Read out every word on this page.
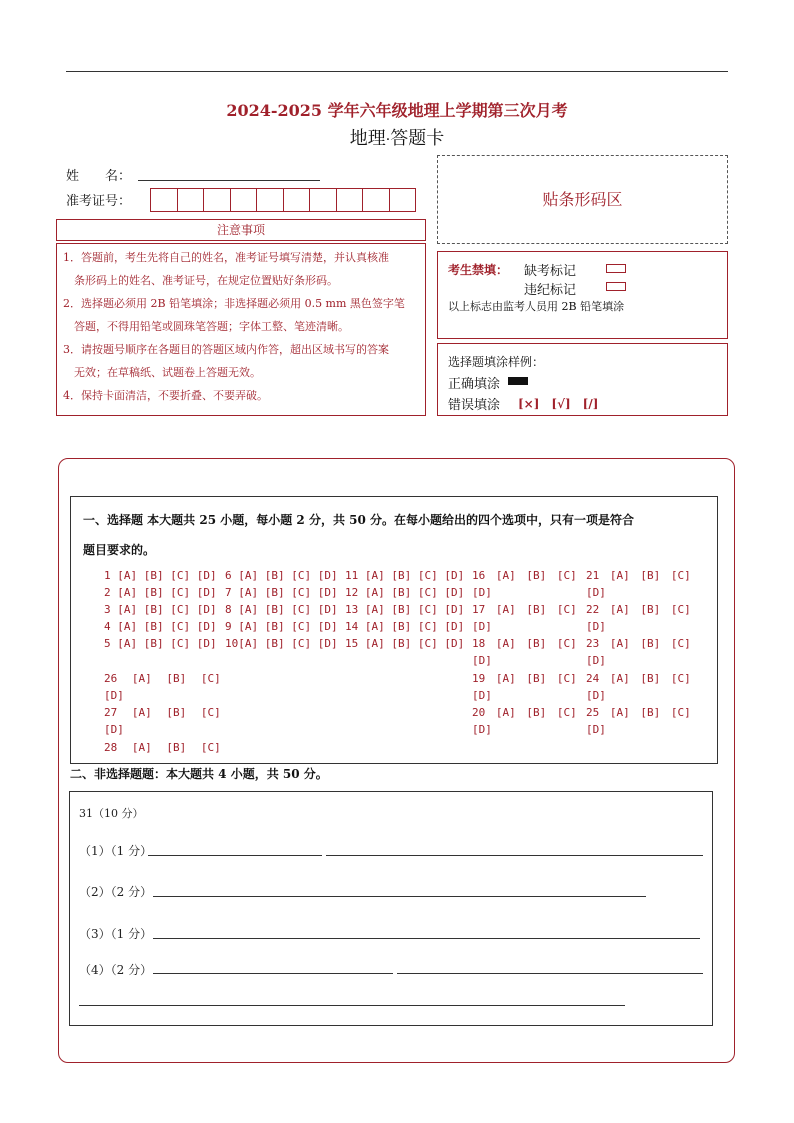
2024-2025 学年六年级地理上学期第三次月考
地理·答题卡
姓　　名：
准考证号：
注意事项
1．答题前，考生先将自己的姓名，准考证号填写清楚，并认真核准
　条形码上的姓名、准考证号，在规定位置贴好条形码。
2．选择题必须用 2B 铅笔填涂；非选择题必须用 0.5 mm 黑色签字笔
　答题，不得用铅笔或圆珠笔答题；字体工整、笔迹清晰。
3．请按题号顺序在各题目的答题区域内作答，超出区域书写的答案
　无效；在草稿纸、试题卷上答题无效。
4．保持卡面清洁，不要折叠、不要弄破。
贴条形码区
考生禁填： 缺考标记
违纪标记
以上标志由监考人员用 2B 铅笔填涂
选择题填涂样例：
正确填涂
错误填涂 [×]　[√]　[/]
一、选择题 本大题共 25 小题，每小题 2 分，共 50 分。在每小题给出的四个选项中，只有一项是符合
题目要求的。
1 [A] [B] [C] [D]
2 [A] [B] [C] [D]
3 [A] [B] [C] [D]
4 [A] [B] [C] [D]
5 [A] [B] [C] [D]
6 [A] [B] [C] [D]
7 [A] [B] [C] [D]
8 [A] [B] [C] [D]
9 [A] [B] [C] [D]
10[A] [B] [C] [D]
11 [A] [B] [C] [D]
12 [A] [B] [C] [D]
13 [A] [B] [C] [D]
14 [A] [B] [C] [D]
15 [A] [B] [C] [D]
16 [A] [B] [C]
[D]
17 [A] [B] [C]
[D]
18 [A] [B] [C]
[D]
19 [A] [B] [C]
[D]
20 [A] [B] [C]
[D]
21 [A] [B] [C]
[D]
22 [A] [B] [C]
[D]
23 [A] [B] [C]
[D]
24 [A] [B] [C]
[D]
25 [A] [B] [C]
[D]
26 [A] [B] [C]
[D]
27 [A] [B] [C]
[D]
28 [A] [B] [C]
二、非选择题题：本大题共 4 小题，共 50 分。
31（10 分）
（1）（1 分）
（2）（2 分）
（3）（1 分）
（4）（2 分）
